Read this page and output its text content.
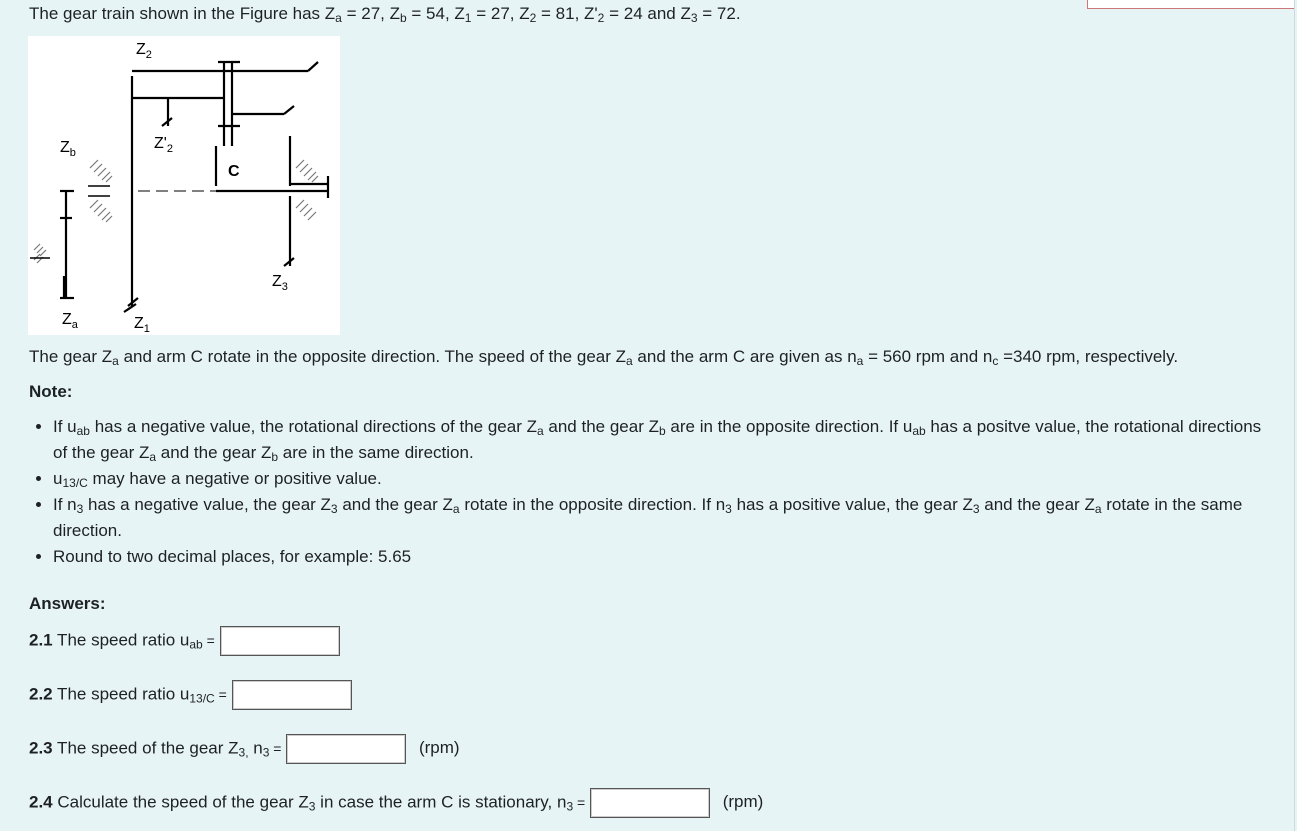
The gear train shown in the Figure has $Z_a = 27$, $Z_b = 54$, $Z_1 = 27$, $Z_2 = 81$, $Z'_2 = 24$ and $Z_3 = 72$.
$Z_2$
$Z'_2$
$Z_b$
C
$Z_3$
$Z_a$	$Z_1$
The gear $Z_a$ and arm C rotate in the opposite direction. The speed of the gear $Z_a$ and the arm C are given as $n_a = 560$ rpm and $n_c =340$ rpm, respectively.
Note:
• If $u_{ab}$ has a negative value, the rotational directions of the gear $Z_a$ and the gear $Z_b$ are in the opposite direction. If $u_{ab}$ has a positve value, the rotational directions of the gear $Z_a$ and the gear $Z_b$ are in the same direction.
• $u_{13/C}$ may have a negative or positive value.
• If $n_3$ has a negative value, the gear $Z_3$ and the gear $Z_a$ rotate in the opposite direction. If $n_3$ has a positive value, the gear $Z_3$ and the gear $Z_a$ rotate in the same direction.
• Round to two decimal places, for example: 5.65
Answers:
2.1 The speed ratio $u_{ab}$ =
2.2 The speed ratio $u_{13/C}$ =
2.3 The speed of the gear $Z_{3,}$ $n_3$ =	(rpm)
2.4 Calculate the speed of the gear $Z_3$ in case the arm C is stationary, $n_3$ =	(rpm)
